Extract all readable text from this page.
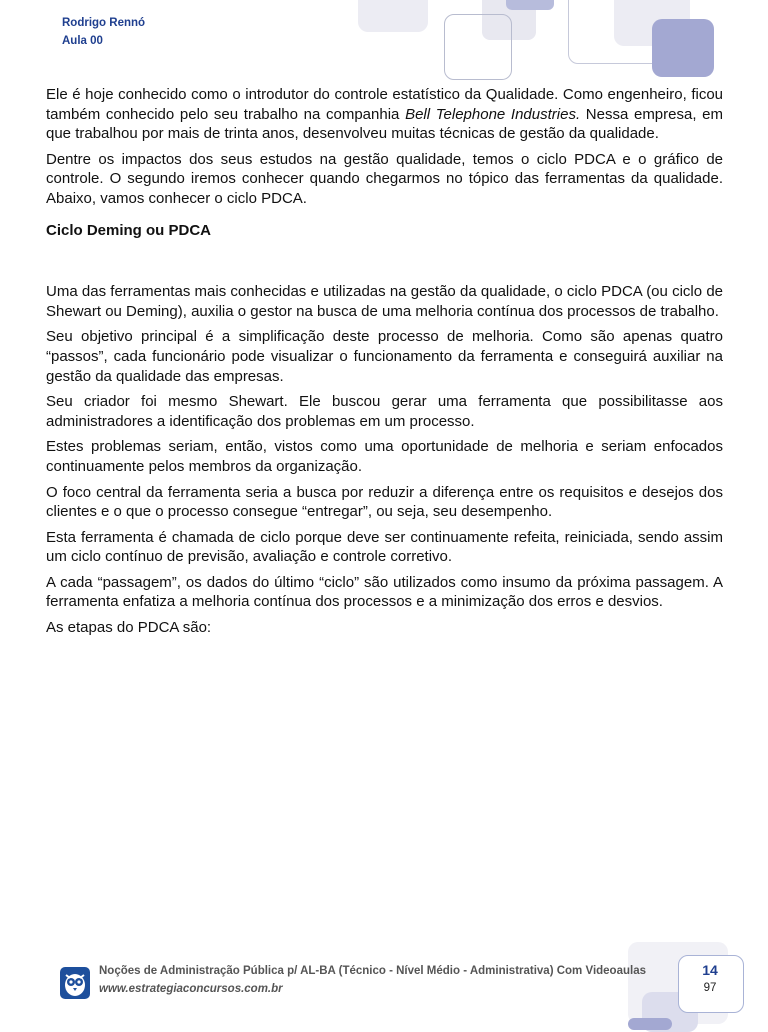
Rodrigo Rennó
Aula 00

Ele é hoje conhecido como o introdutor do controle estatístico da Qualidade. Como engenheiro, ficou também conhecido pelo seu trabalho na companhia Bell Telephone Industries. Nessa empresa, em que trabalhou por mais de trinta anos, desenvolveu muitas técnicas de gestão da qualidade.

Dentre os impactos dos seus estudos na gestão qualidade, temos o ciclo PDCA e o gráfico de controle. O segundo iremos conhecer quando chegarmos no tópico das ferramentas da qualidade. Abaixo, vamos conhecer o ciclo PDCA.

Ciclo Deming ou PDCA

Uma das ferramentas mais conhecidas e utilizadas na gestão da qualidade, o ciclo PDCA (ou ciclo de Shewart ou Deming), auxilia o gestor na busca de uma melhoria contínua dos processos de trabalho.

Seu objetivo principal é a simplificação deste processo de melhoria. Como são apenas quatro “passos”, cada funcionário pode visualizar o funcionamento da ferramenta e conseguirá auxiliar na gestão da qualidade das empresas.

Seu criador foi mesmo Shewart. Ele buscou gerar uma ferramenta que possibilitasse aos administradores a identificação dos problemas em um processo.

Estes problemas seriam, então, vistos como uma oportunidade de melhoria e seriam enfocados continuamente pelos membros da organização.

O foco central da ferramenta seria a busca por reduzir a diferença entre os requisitos e desejos dos clientes e o que o processo consegue “entregar”, ou seja, seu desempenho.

Esta ferramenta é chamada de ciclo porque deve ser continuamente refeita, reiniciada, sendo assim um ciclo contínuo de previsão, avaliação e controle corretivo.

A cada “passagem”, os dados do último “ciclo” são utilizados como insumo da próxima passagem. A ferramenta enfatiza a melhoria contínua dos processos e a minimização dos erros e desvios.

As etapas do PDCA são:

Noções de Administração Pública p/ AL-BA (Técnico - Nível Médio - Administrativa) Com Videoaulas
www.estrategiaconcursos.com.br
14
97
